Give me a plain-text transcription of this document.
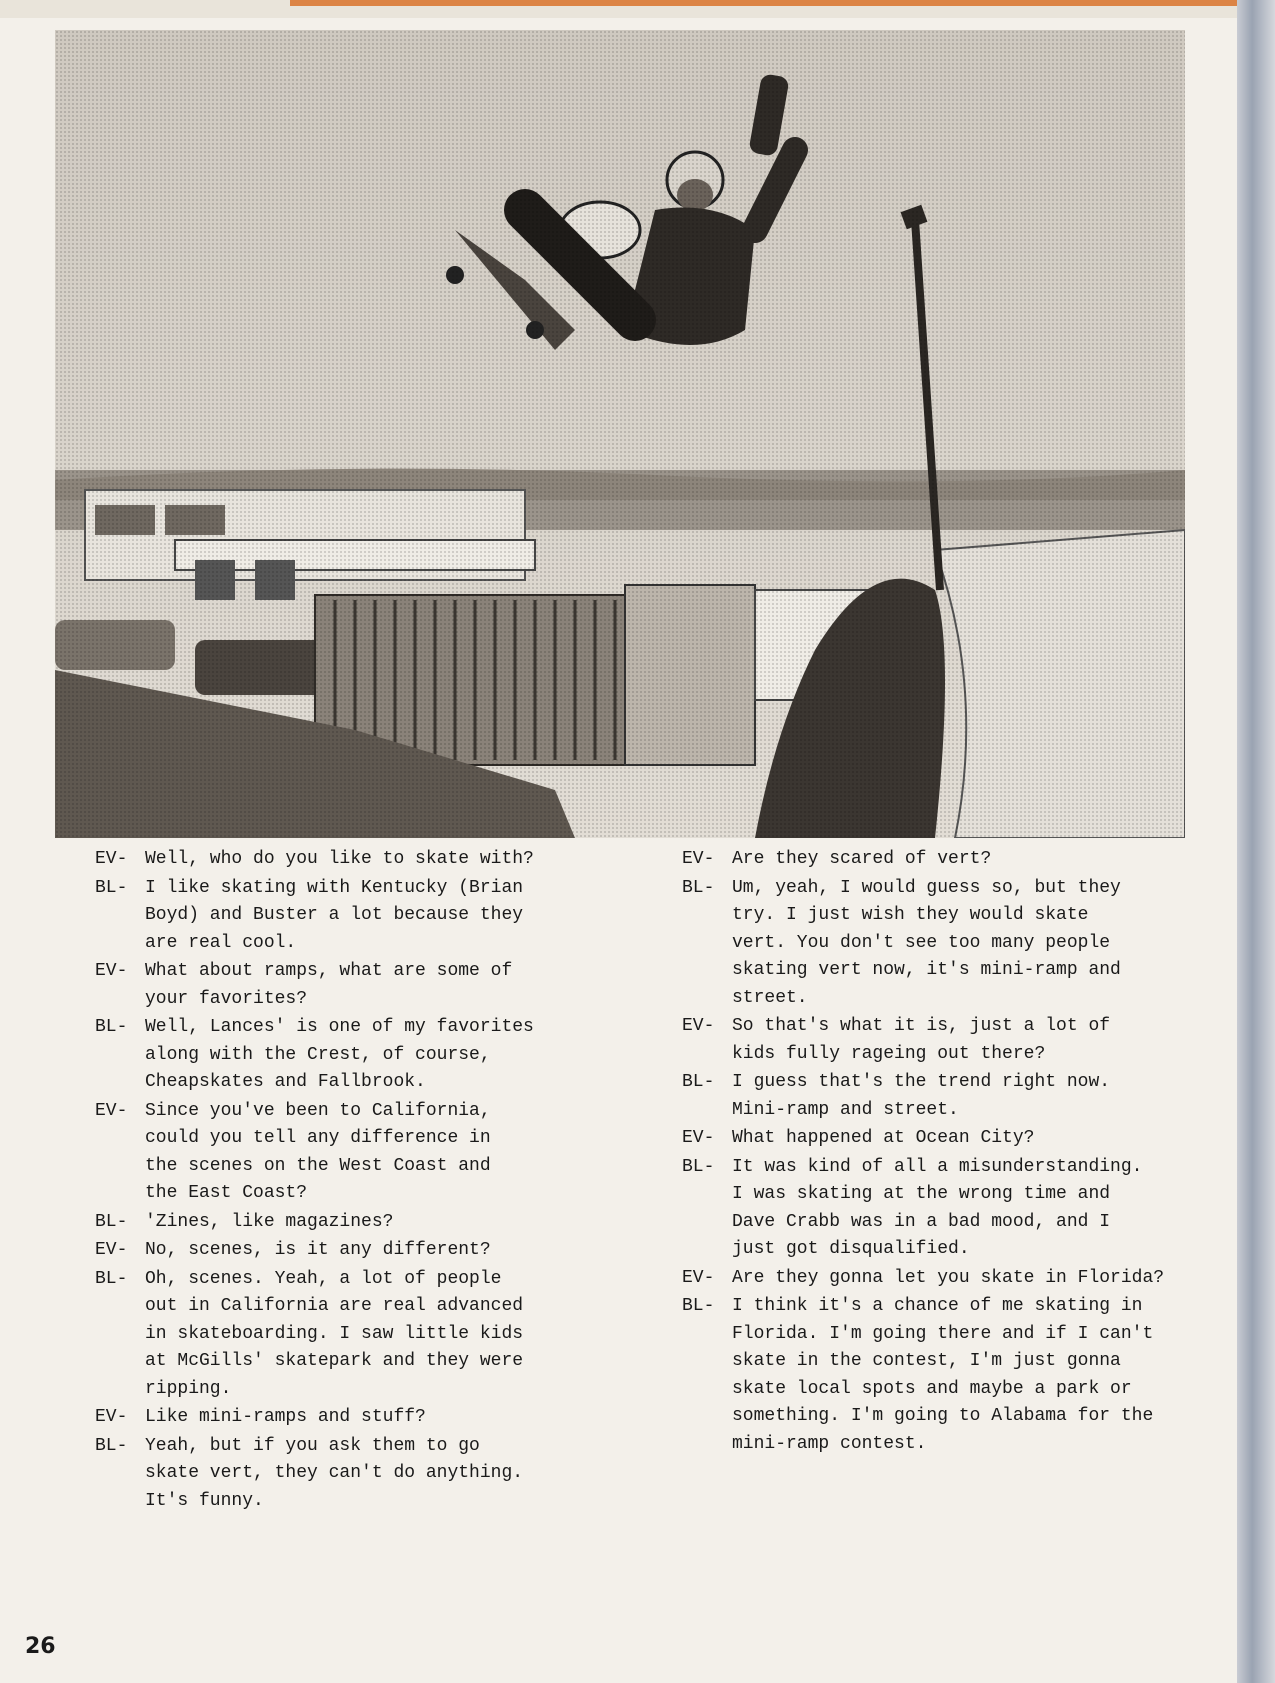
EV- Well, who do you like to skate with?
BL- I like skating with Kentucky (Brian
Boyd) and Buster a lot because they
are real cool.
EV- What about ramps, what are some of
your favorites?
BL- Well, Lances' is one of my favorites
along with the Crest, of course,
Cheapskates and Fallbrook.
EV- Since you've been to California,
could you tell any difference in
the scenes on the West Coast and
the East Coast?
BL- 'Zines, like magazines?
EV- No, scenes, is it any different?
BL- Oh, scenes. Yeah, a lot of people
out in California are real advanced
in skateboarding. I saw little kids
at McGills' skatepark and they were
ripping.
EV- Like mini-ramps and stuff?
BL- Yeah, but if you ask them to go
skate vert, they can't do anything.
It's funny.
EV- Are they scared of vert?
BL- Um, yeah, I would guess so, but they
try. I just wish they would skate
vert. You don't see too many people
skating vert now, it's mini-ramp and
street.
EV- So that's what it is, just a lot of
kids fully rageing out there?
BL- I guess that's the trend right now.
Mini-ramp and street.
EV- What happened at Ocean City?
BL- It was kind of all a misunderstanding.
I was skating at the wrong time and
Dave Crabb was in a bad mood, and I
just got disqualified.
EV- Are they gonna let you skate in Florida?
BL- I think it's a chance of me skating in
Florida. I'm going there and if I can't
skate in the contest, I'm just gonna
skate local spots and maybe a park or
something. I'm going to Alabama for the
mini-ramp contest.
26
